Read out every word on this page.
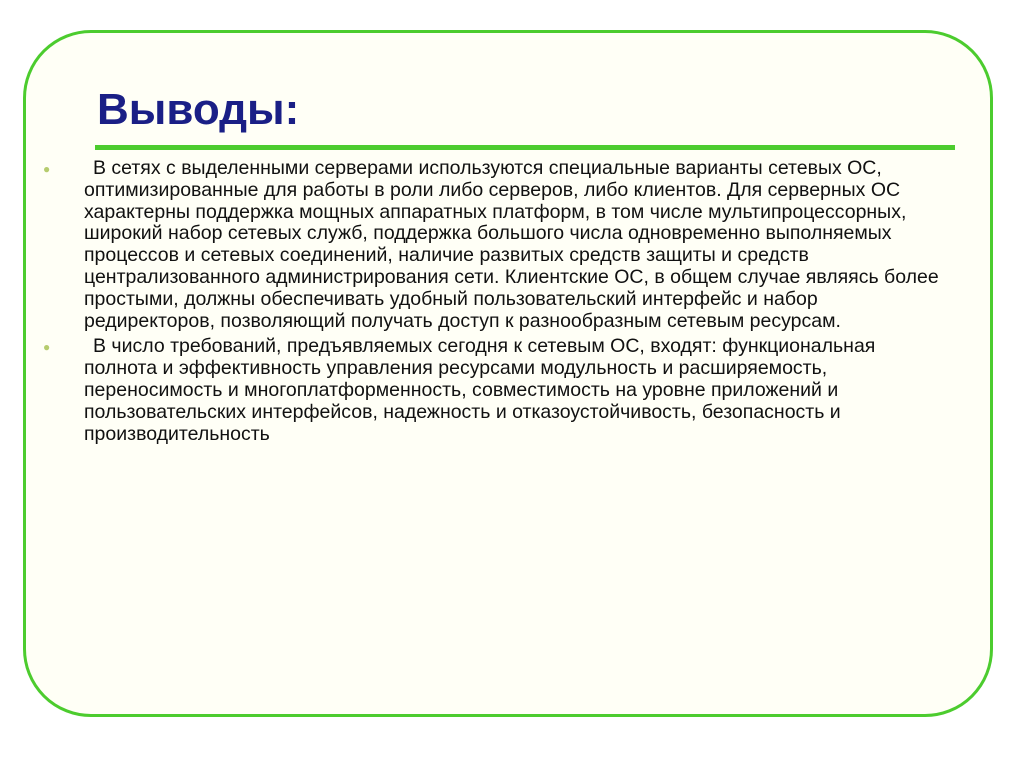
Выводы:
●	В сетях с выделенными серверами используются специальные варианты сетевых ОС, оптимизированные для работы в роли либо серверов, либо клиентов. Для серверных ОС характерны поддержка мощных аппаратных платформ, в том числе мультипроцессорных, широкий набор сетевых служб, поддержка большого числа одновременно выполняемых процессов и сетевых соединений, наличие развитых средств защиты и средств централизованного администрирования сети. Клиентские ОС, в общем случае являясь более простыми, должны обеспечивать удобный пользовательский интерфейс и набор редиректоров, позволяющий получать доступ к разнообразным сетевым ресурсам.
●	В число требований, предъявляемых сегодня к сетевым ОС, входят: функциональная полнота и эффективность управления ресурсами модульность и расширяемость, переносимость и многоплатформенность, совместимость на уровне приложений и пользовательских интерфейсов, надежность и отказоустойчивость, безопасность и производительность
